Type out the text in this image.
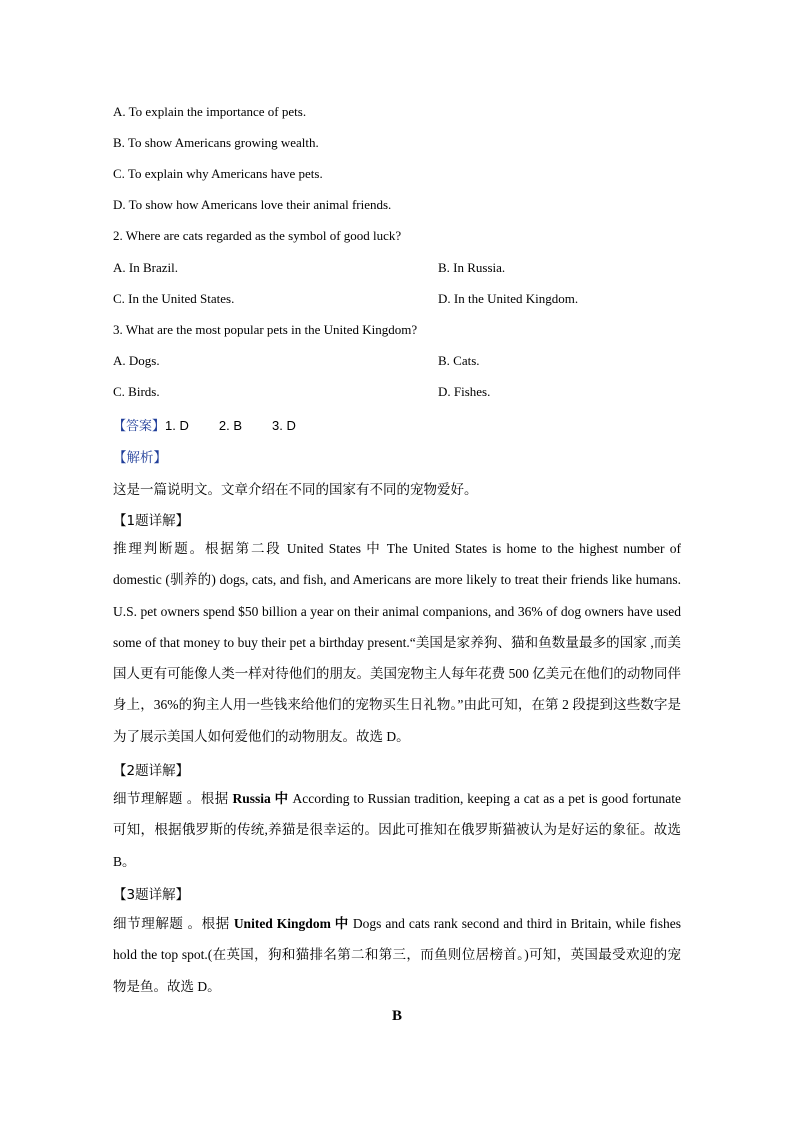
A. To explain the importance of pets.
B. To show Americans growing wealth.
C. To explain why Americans have pets.
D. To show how Americans love their animal friends.
2. Where are cats regarded as the symbol of good luck?
A. In Brazil.	B. In Russia.
C. In the United States.	D. In the United Kingdom.
3. What are the most popular pets in the United Kingdom?
A. Dogs.	B. Cats.
C. Birds.	D. Fishes.
【答案】1. D 2. B 3. D
【解析】
这是一篇说明文。文章介绍在不同的国家有不同的宠物爱好。
【1题详解】
推理判断题。根据第二段 United States 中 The United States is home to the highest number of domestic (驯养的) dogs, cats, and fish, and Americans are more likely to treat their friends like humans. U.S. pet owners spend $50 billion a year on their animal companions, and 36% of dog owners have used some of that money to buy their pet a birthday present.“美国是家养狗、猫和鱼数量最多的国家 ,而美国人更有可能像人类一样对待他们的朋友。美国宠物主人每年花费 500 亿美元在他们的动物同伴身上，36%的狗主人用一些钱来给他们的宠物买生日礼物。”由此可知，在第 2 段提到这些数字是为了展示美国人如何爱他们的动物朋友。故选 D。
【2题详解】
细节理解题 。根据 Russia 中 According to Russian tradition, keeping a cat as a pet is good fortunate 可知，根据俄罗斯的传统,养猫是很幸运的。因此可推知在俄罗斯猫被认为是好运的象征。故选 B。
【3题详解】
细节理解题 。根据 United Kingdom 中 Dogs and cats rank second and third in Britain, while fishes hold the top spot.(在英国，狗和猫排名第二和第三，而鱼则位居榜首。)可知，英国最受欢迎的宠物是鱼。故选 D。
B
